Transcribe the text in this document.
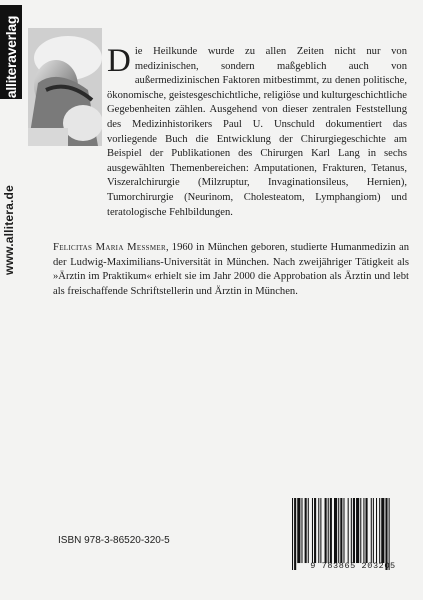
alliteraverlag
www.allitera.de
Die Heilkunde wurde zu allen Zeiten nicht nur von medizinischen, sondern maßgeblich auch von außermedizinischen Faktoren mitbestimmt, zu denen politische, ökonomische, geistesgeschichtliche, religiöse und kulturgeschichtliche Gegebenheiten zählen. Ausgehend von dieser zentralen Feststellung des Medizinhistorikers Paul U. Unschuld dokumentiert das vorliegende Buch die Entwicklung der Chirurgiegeschichte am Beispiel der Publikationen des Chirurgen Karl Lang in sechs ausgewählten Themenbereichen: Amputationen, Frakturen, Tetanus, Viszeralchirurgie (Milzruptur, Invaginationsileus, Hernien), Tumorchirurgie (Neurinom, Cholesteatom, Lymphangiom) und teratologische Fehlbildungen.
Felicitas Maria Messmer, 1960 in München geboren, studierte Humanmedizin an der Ludwig-Maximilians-Universität in München. Nach zweijähriger Tätigkeit als »Ärztin im Praktikum« erhielt sie im Jahr 2000 die Approbation als Ärztin und lebt als freischaffende Schriftstellerin und Ärztin in München.
ISBN 978-3-86520-320-5
9 783865 203205
